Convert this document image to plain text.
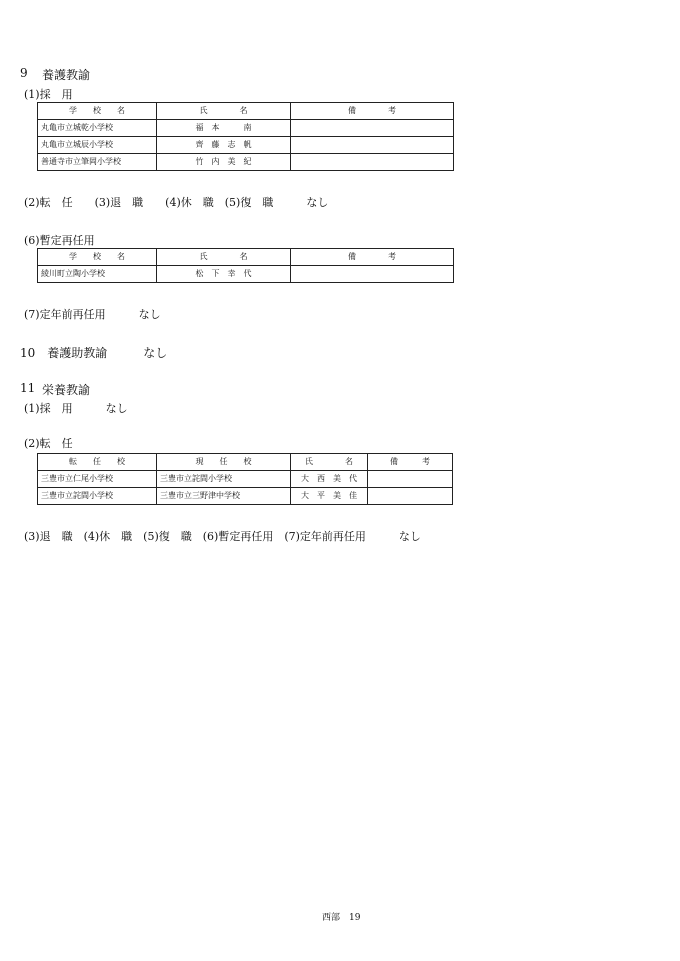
9 養護教諭
(1)採　用
学　　校　　名	氏　　　　名	備　　　　考
丸亀市立城乾小学校	福　本　　　南	
丸亀市立城辰小学校	齊　藤　志　帆	
善通寺市立筆岡小学校	竹　内　美　紀	
(2)転　任　　(3)退　職　　(4)休　職　(5)復　職　　　なし
(6)暫定再任用
学　　校　　名	氏　　　　名	備　　　　考
綾川町立陶小学校	松　下　幸　代	
(7)定年前再任用　　　なし
10　養護助教諭　　　なし
11 栄養教諭
(1)採　用　　　なし
(2)転　任
転　　任　　校	現　　任　　校	氏　　　　名	備　　　考
三豊市立仁尾小学校	三豊市立詫間小学校	大　西　美　代	
三豊市立詫間小学校	三豊市立三野津中学校	大　平　美　佳	
(3)退　職　(4)休　職　(5)復　職　(6)暫定再任用　(7)定年前再任用　　　なし
西部　19
